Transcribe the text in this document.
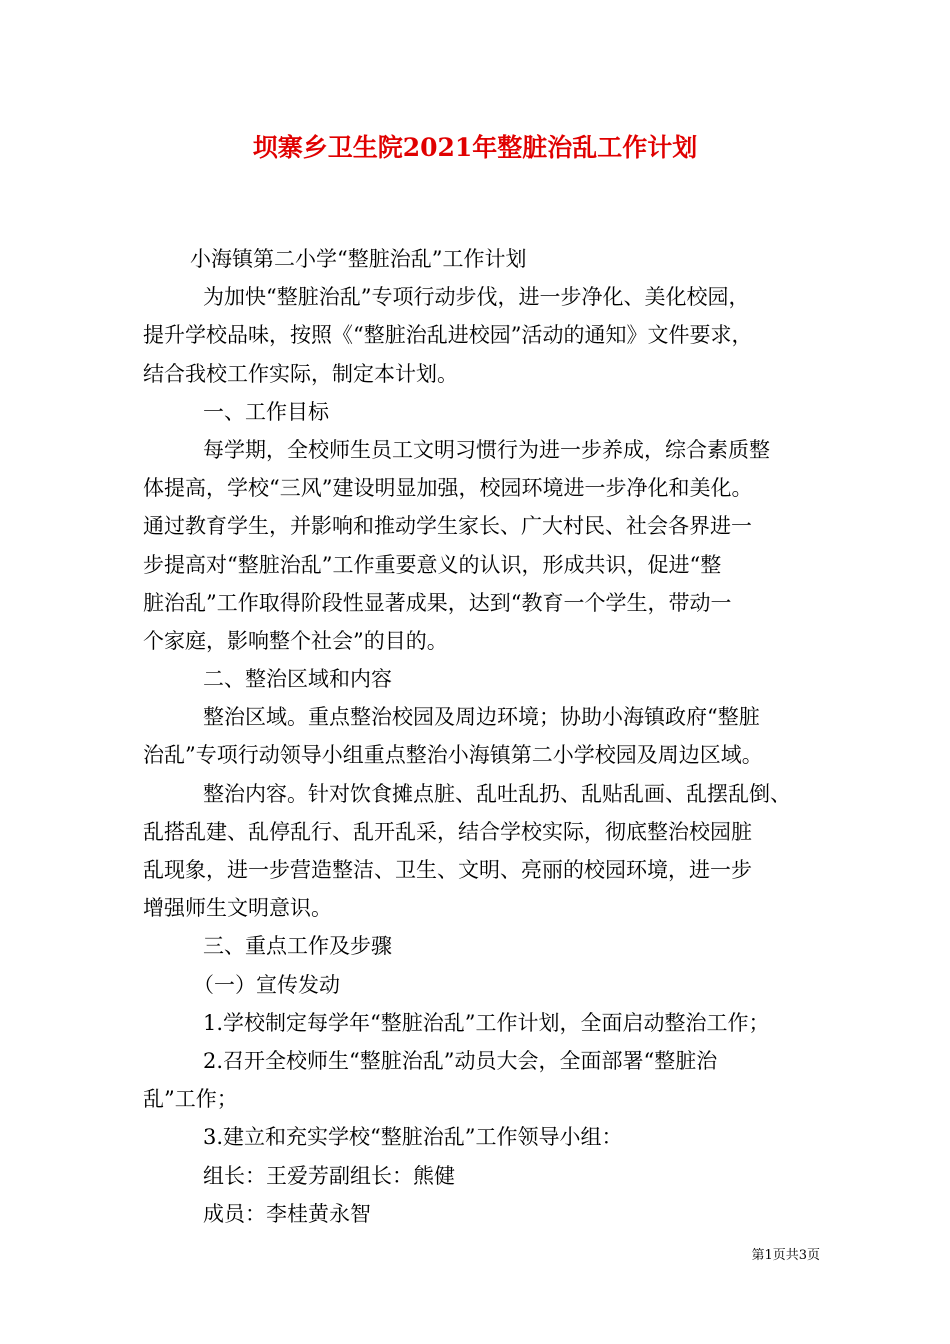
坝寨乡卫生院2021年整脏治乱工作计划
小海镇第二小学“整脏治乱”工作计划
为加快“整脏治乱”专项行动步伐，进一步净化、美化校园，
提升学校品味，按照《“整脏治乱进校园”活动的通知》文件要求，
结合我校工作实际，制定本计划。
一、工作目标
每学期，全校师生员工文明习惯行为进一步养成，综合素质整
体提高，学校“三风”建设明显加强，校园环境进一步净化和美化。
通过教育学生，并影响和推动学生家长、广大村民、社会各界进一
步提高对“整脏治乱”工作重要意义的认识，形成共识，促进“整
脏治乱”工作取得阶段性显著成果，达到“教育一个学生，带动一
个家庭，影响整个社会”的目的。
二、整治区域和内容
整治区域。重点整治校园及周边环境；协助小海镇政府“整脏
治乱”专项行动领导小组重点整治小海镇第二小学校园及周边区域。
整治内容。针对饮食摊点脏、乱吐乱扔、乱贴乱画、乱摆乱倒、
乱搭乱建、乱停乱行、乱开乱采，结合学校实际，彻底整治校园脏
乱现象，进一步营造整洁、卫生、文明、亮丽的校园环境，进一步
增强师生文明意识。
三、重点工作及步骤
（一）宣传发动
1.学校制定每学年“整脏治乱”工作计划，全面启动整治工作；
2.召开全校师生“整脏治乱”动员大会，全面部署“整脏治
乱”工作；
3.建立和充实学校“整脏治乱”工作领导小组：
组长：王爱芳副组长：熊健
成员：李桂黄永智
第1页共3页
